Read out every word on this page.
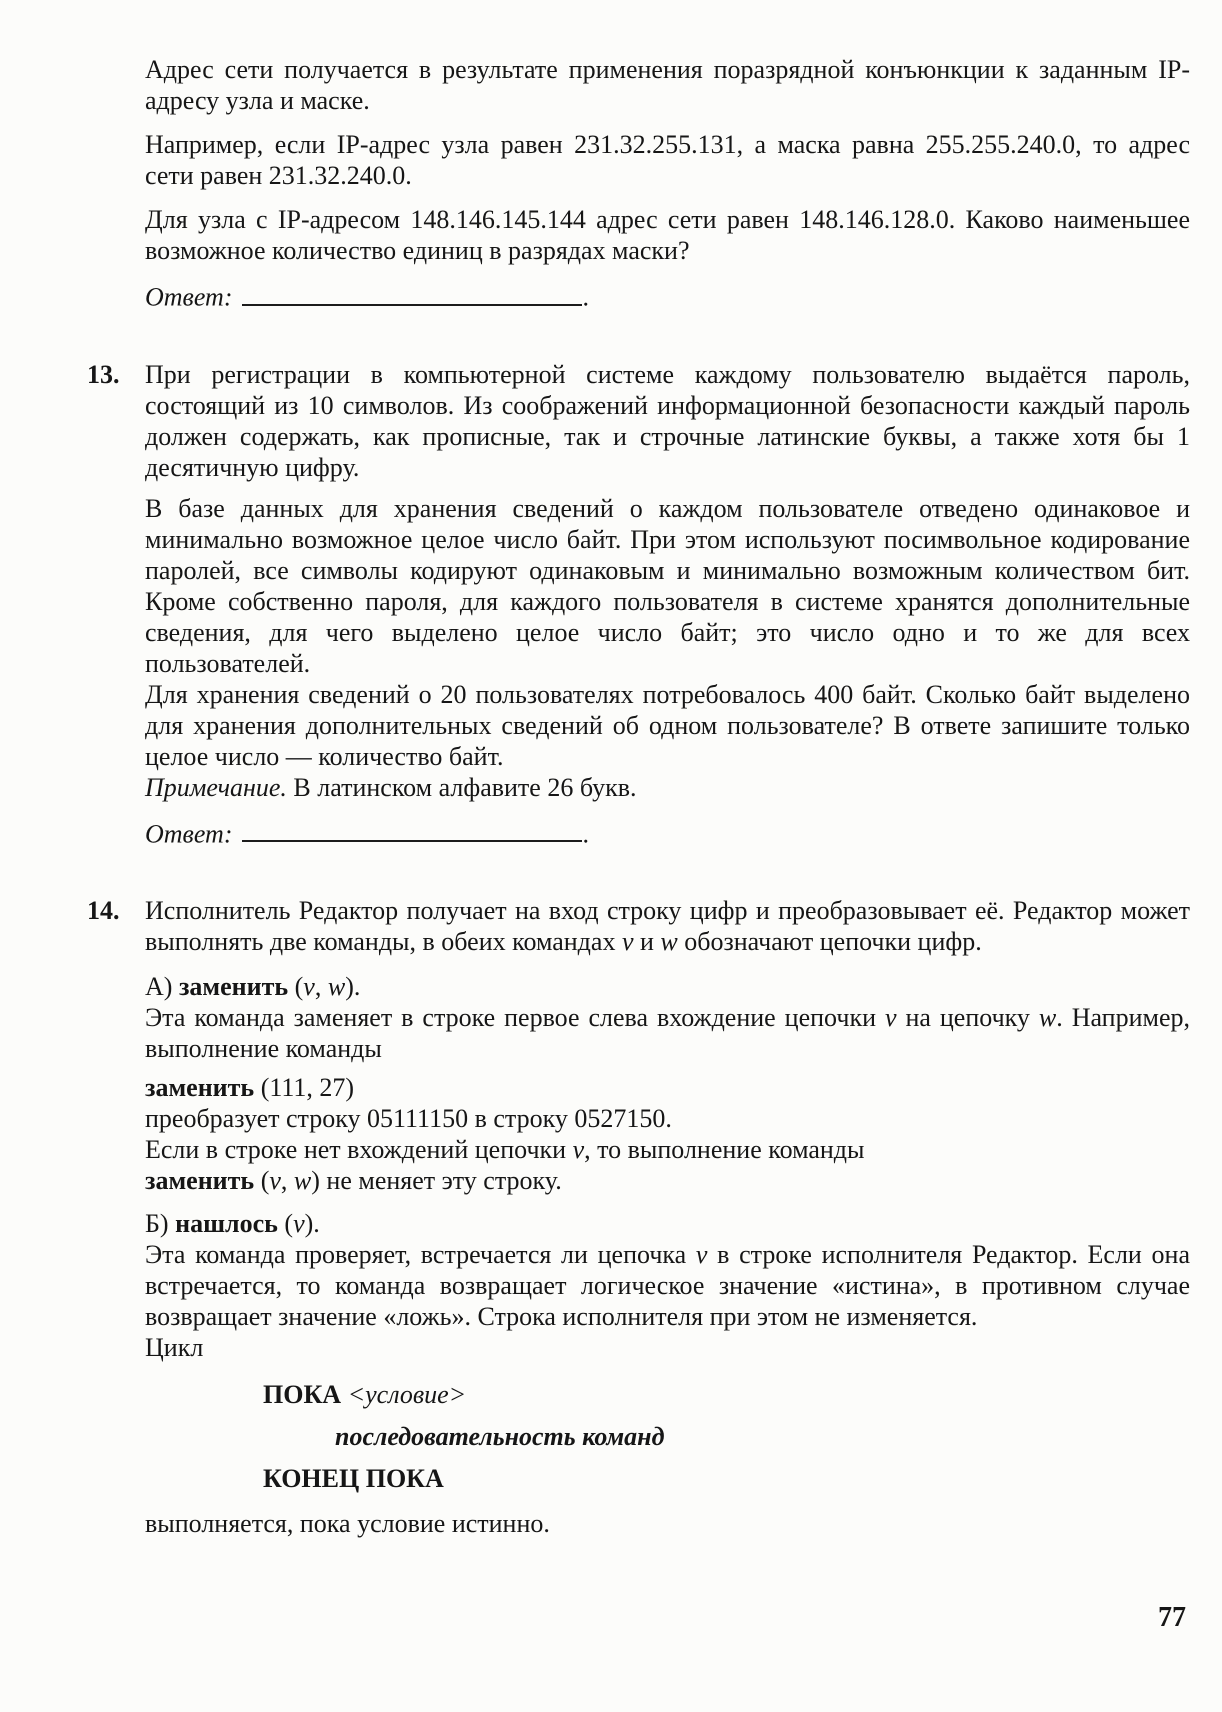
Адрес сети получается в результате применения поразрядной конъюнкции к заданным IP-адресу узла и маске.

Например, если IP-адрес узла равен 231.32.255.131, а маска равна 255.255.240.0, то адрес сети равен 231.32.240.0.

Для узла с IP-адресом 148.146.145.144 адрес сети равен 148.146.128.0. Каково наименьшее возможное количество единиц в разрядах маски?

Ответ:	.
13. При регистрации в компьютерной системе каждому пользователю выдаётся пароль, состоящий из 10 символов. Из соображений информационной безопасности каждый пароль должен содержать, как прописные, так и строчные латинские буквы, а также хотя бы 1 десятичную цифру.

В базе данных для хранения сведений о каждом пользователе отведено одинаковое и минимально возможное целое число байт. При этом используют посимвольное кодирование паролей, все символы кодируют одинаковым и минимально возможным количеством бит. Кроме собственно пароля, для каждого пользователя в системе хранятся дополнительные сведения, для чего выделено целое число байт; это число одно и то же для всех пользователей.

Для хранения сведений о 20 пользователях потребовалось 400 байт. Сколько байт выделено для хранения дополнительных сведений об одном пользователе? В ответе запишите только целое число — количество байт.

Примечание. В латинском алфавите 26 букв.

Ответ:	.
14. Исполнитель Редактор получает на вход строку цифр и преобразовывает её. Редактор может выполнять две команды, в обеих командах v и w обозначают цепочки цифр.

А) заменить (v, w).

Эта команда заменяет в строке первое слева вхождение цепочки v на цепочку w. Например, выполнение команды

заменить (111, 27)

преобразует строку 05111150 в строку 0527150.

Если в строке нет вхождений цепочки v, то выполнение команды

заменить (v, w) не меняет эту строку.

Б) нашлось (v).

Эта команда проверяет, встречается ли цепочка v в строке исполнителя Редактор. Если она встречается, то команда возвращает логическое значение «истина», в противном случае возвращает значение «ложь». Строка исполнителя при этом не изменяется.

Цикл

ПОКА <условие>

последовательность команд

КОНЕЦ ПОКА

выполняется, пока условие истинно.

77
